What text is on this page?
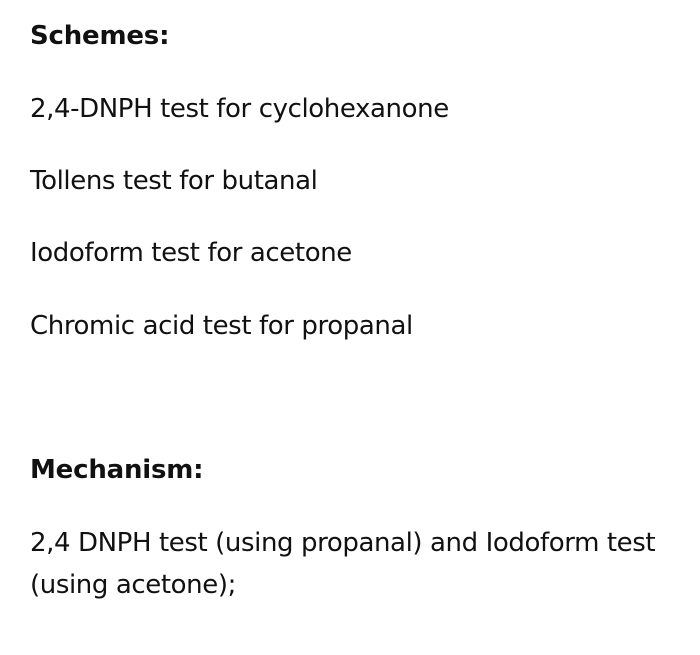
Schemes:
2,4-DNPH test for cyclohexanone
Tollens test for butanal
Iodoform test for acetone
Chromic acid test for propanal
Mechanism:
2,4 DNPH test (using propanal) and Iodoform test (using acetone);
